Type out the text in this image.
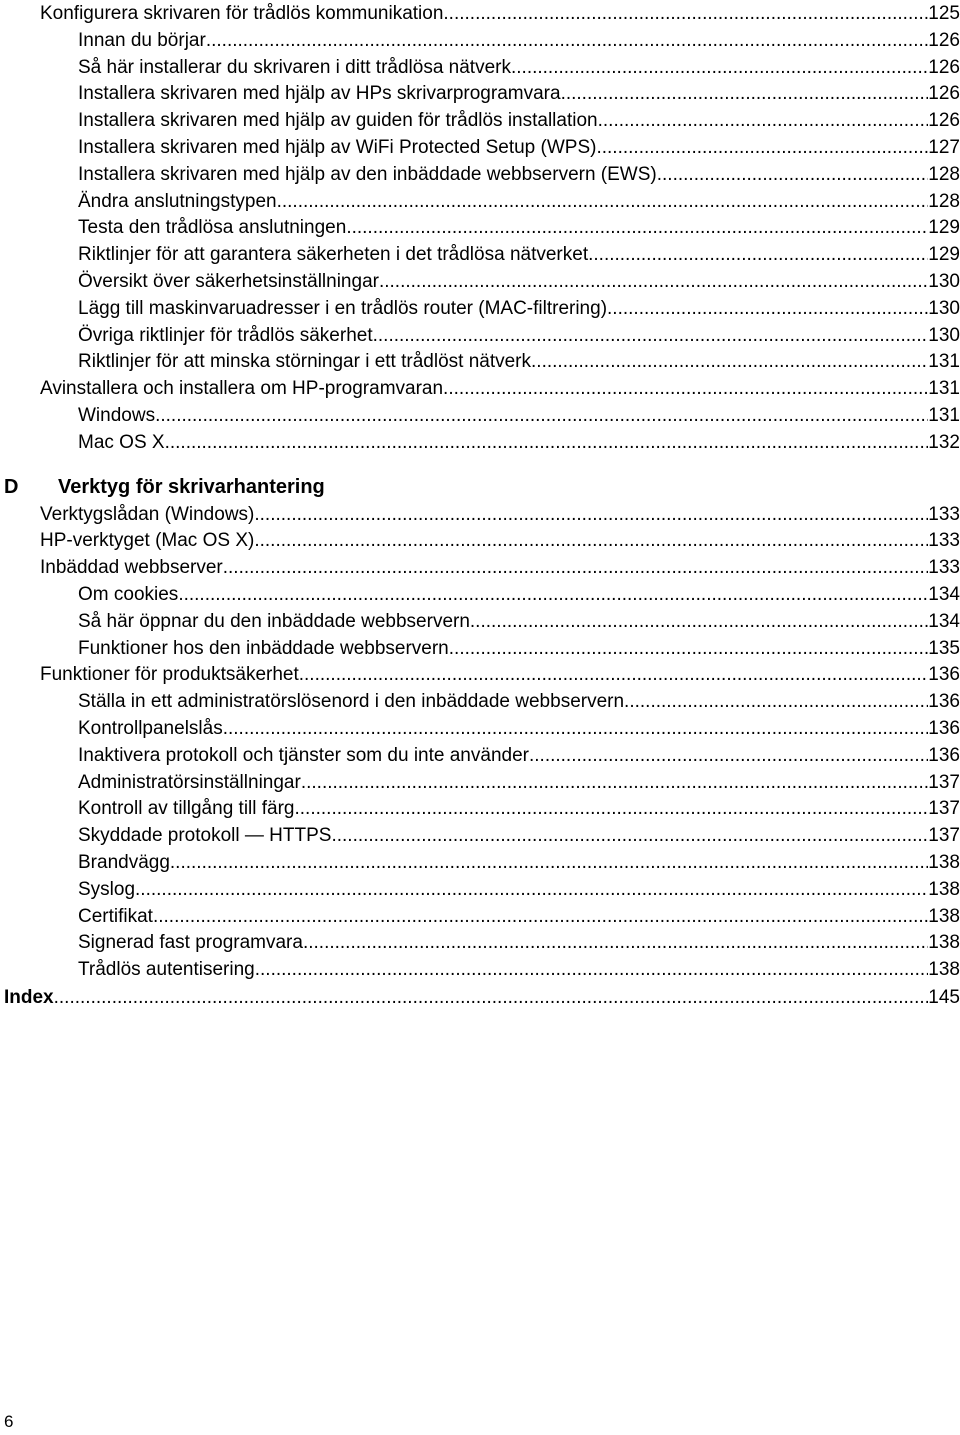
Konfigurera skrivaren för trådlös kommunikation .....	125
Innan du börjar .....	126
Så här installerar du skrivaren i ditt trådlösa nätverk .....	126
Installera skrivaren med hjälp av HPs skrivarprogramvara .....	126
Installera skrivaren med hjälp av guiden för trådlös installation .....	126
Installera skrivaren med hjälp av WiFi Protected Setup (WPS) .....	127
Installera skrivaren med hjälp av den inbäddade webbservern (EWS) .....	128
Ändra anslutningstypen .....	128
Testa den trådlösa anslutningen .....	129
Riktlinjer för att garantera säkerheten i det trådlösa nätverket .....	129
Översikt över säkerhetsinställningar .....	130
Lägg till maskinvaruadresser i en trådlös router (MAC-filtrering) .....	130
Övriga riktlinjer för trådlös säkerhet .....	130
Riktlinjer för att minska störningar i ett trådlöst nätverk .....	131
Avinstallera och installera om HP-programvaran .....	131
Windows .....	131
Mac OS X .....	132
D Verktyg för skrivarhantering
Verktygslådan (Windows) .....	133
HP-verktyget (Mac OS X) .....	133
Inbäddad webbserver .....	133
Om cookies .....	134
Så här öppnar du den inbäddade webbservern .....	134
Funktioner hos den inbäddade webbservern .....	135
Funktioner för produktsäkerhet .....	136
Ställa in ett administratörslösenord i den inbäddade webbservern .....	136
Kontrollpanelslås .....	136
Inaktivera protokoll och tjänster som du inte använder .....	136
Administratörsinställningar .....	137
Kontroll av tillgång till färg .....	137
Skyddade protokoll — HTTPS .....	137
Brandvägg .....	138
Syslog .....	138
Certifikat .....	138
Signerad fast programvara .....	138
Trådlös autentisering .....	138
Index .....	145
6
